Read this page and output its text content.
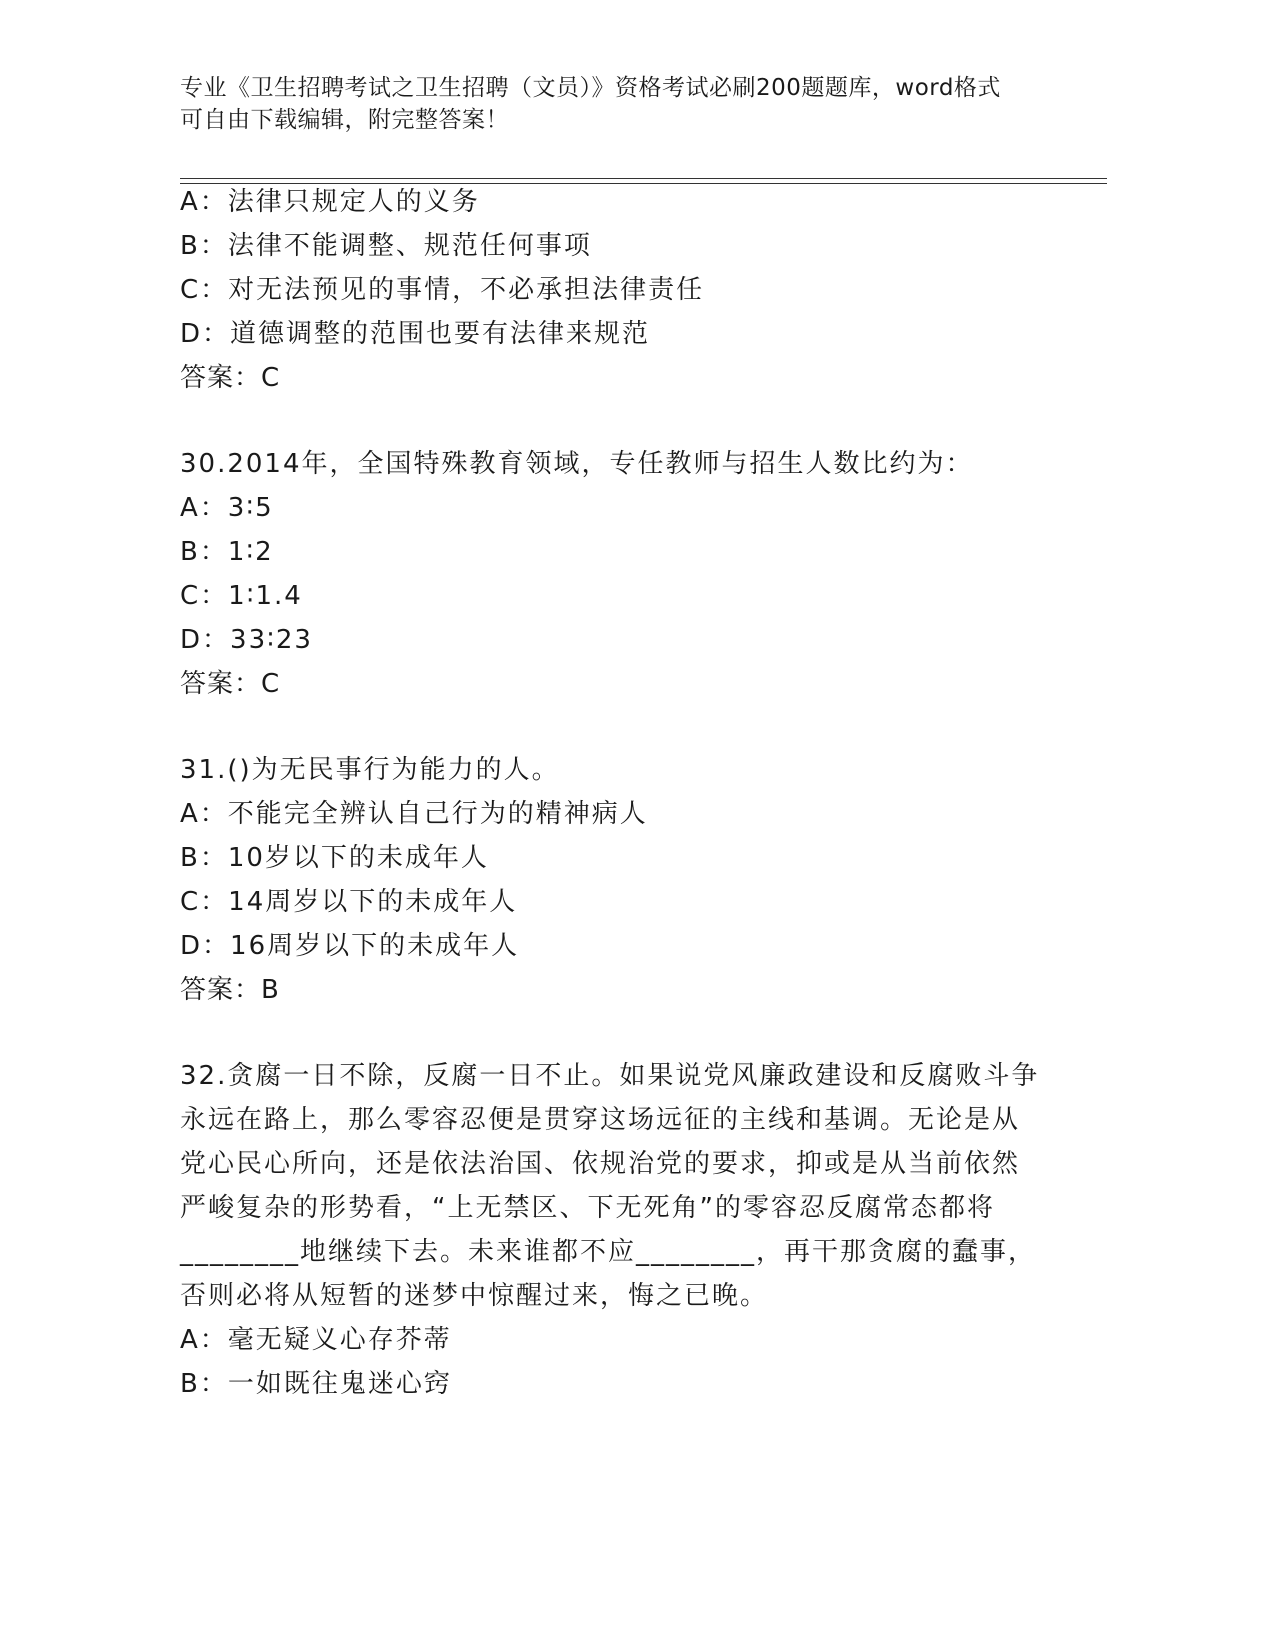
专业《卫生招聘考试之卫生招聘（文员）》资格考试必刷200题题库，word格式
可自由下载编辑，附完整答案！
A：法律只规定人的义务
B：法律不能调整、规范任何事项
C：对无法预见的事情，不必承担法律责任
D：道德调整的范围也要有法律来规范
答案：C
30.2014年，全国特殊教育领域，专任教师与招生人数比约为：
A：3∶5
B：1∶2
C：1∶1.4
D：33∶23
答案：C
31.()为无民事行为能力的人。
A：不能完全辨认自己行为的精神病人
B：10岁以下的未成年人
C：14周岁以下的未成年人
D：16周岁以下的未成年人
答案：B
32.贪腐一日不除，反腐一日不止。如果说党风廉政建设和反腐败斗争
永远在路上，那么零容忍便是贯穿这场远征的主线和基调。无论是从
党心民心所向，还是依法治国、依规治党的要求，抑或是从当前依然
严峻复杂的形势看，“上无禁区、下无死角”的零容忍反腐常态都将
________地继续下去。未来谁都不应________，再干那贪腐的蠢事，
否则必将从短暂的迷梦中惊醒过来，悔之已晚。
A：毫无疑义心存芥蒂
B：一如既往鬼迷心窍
